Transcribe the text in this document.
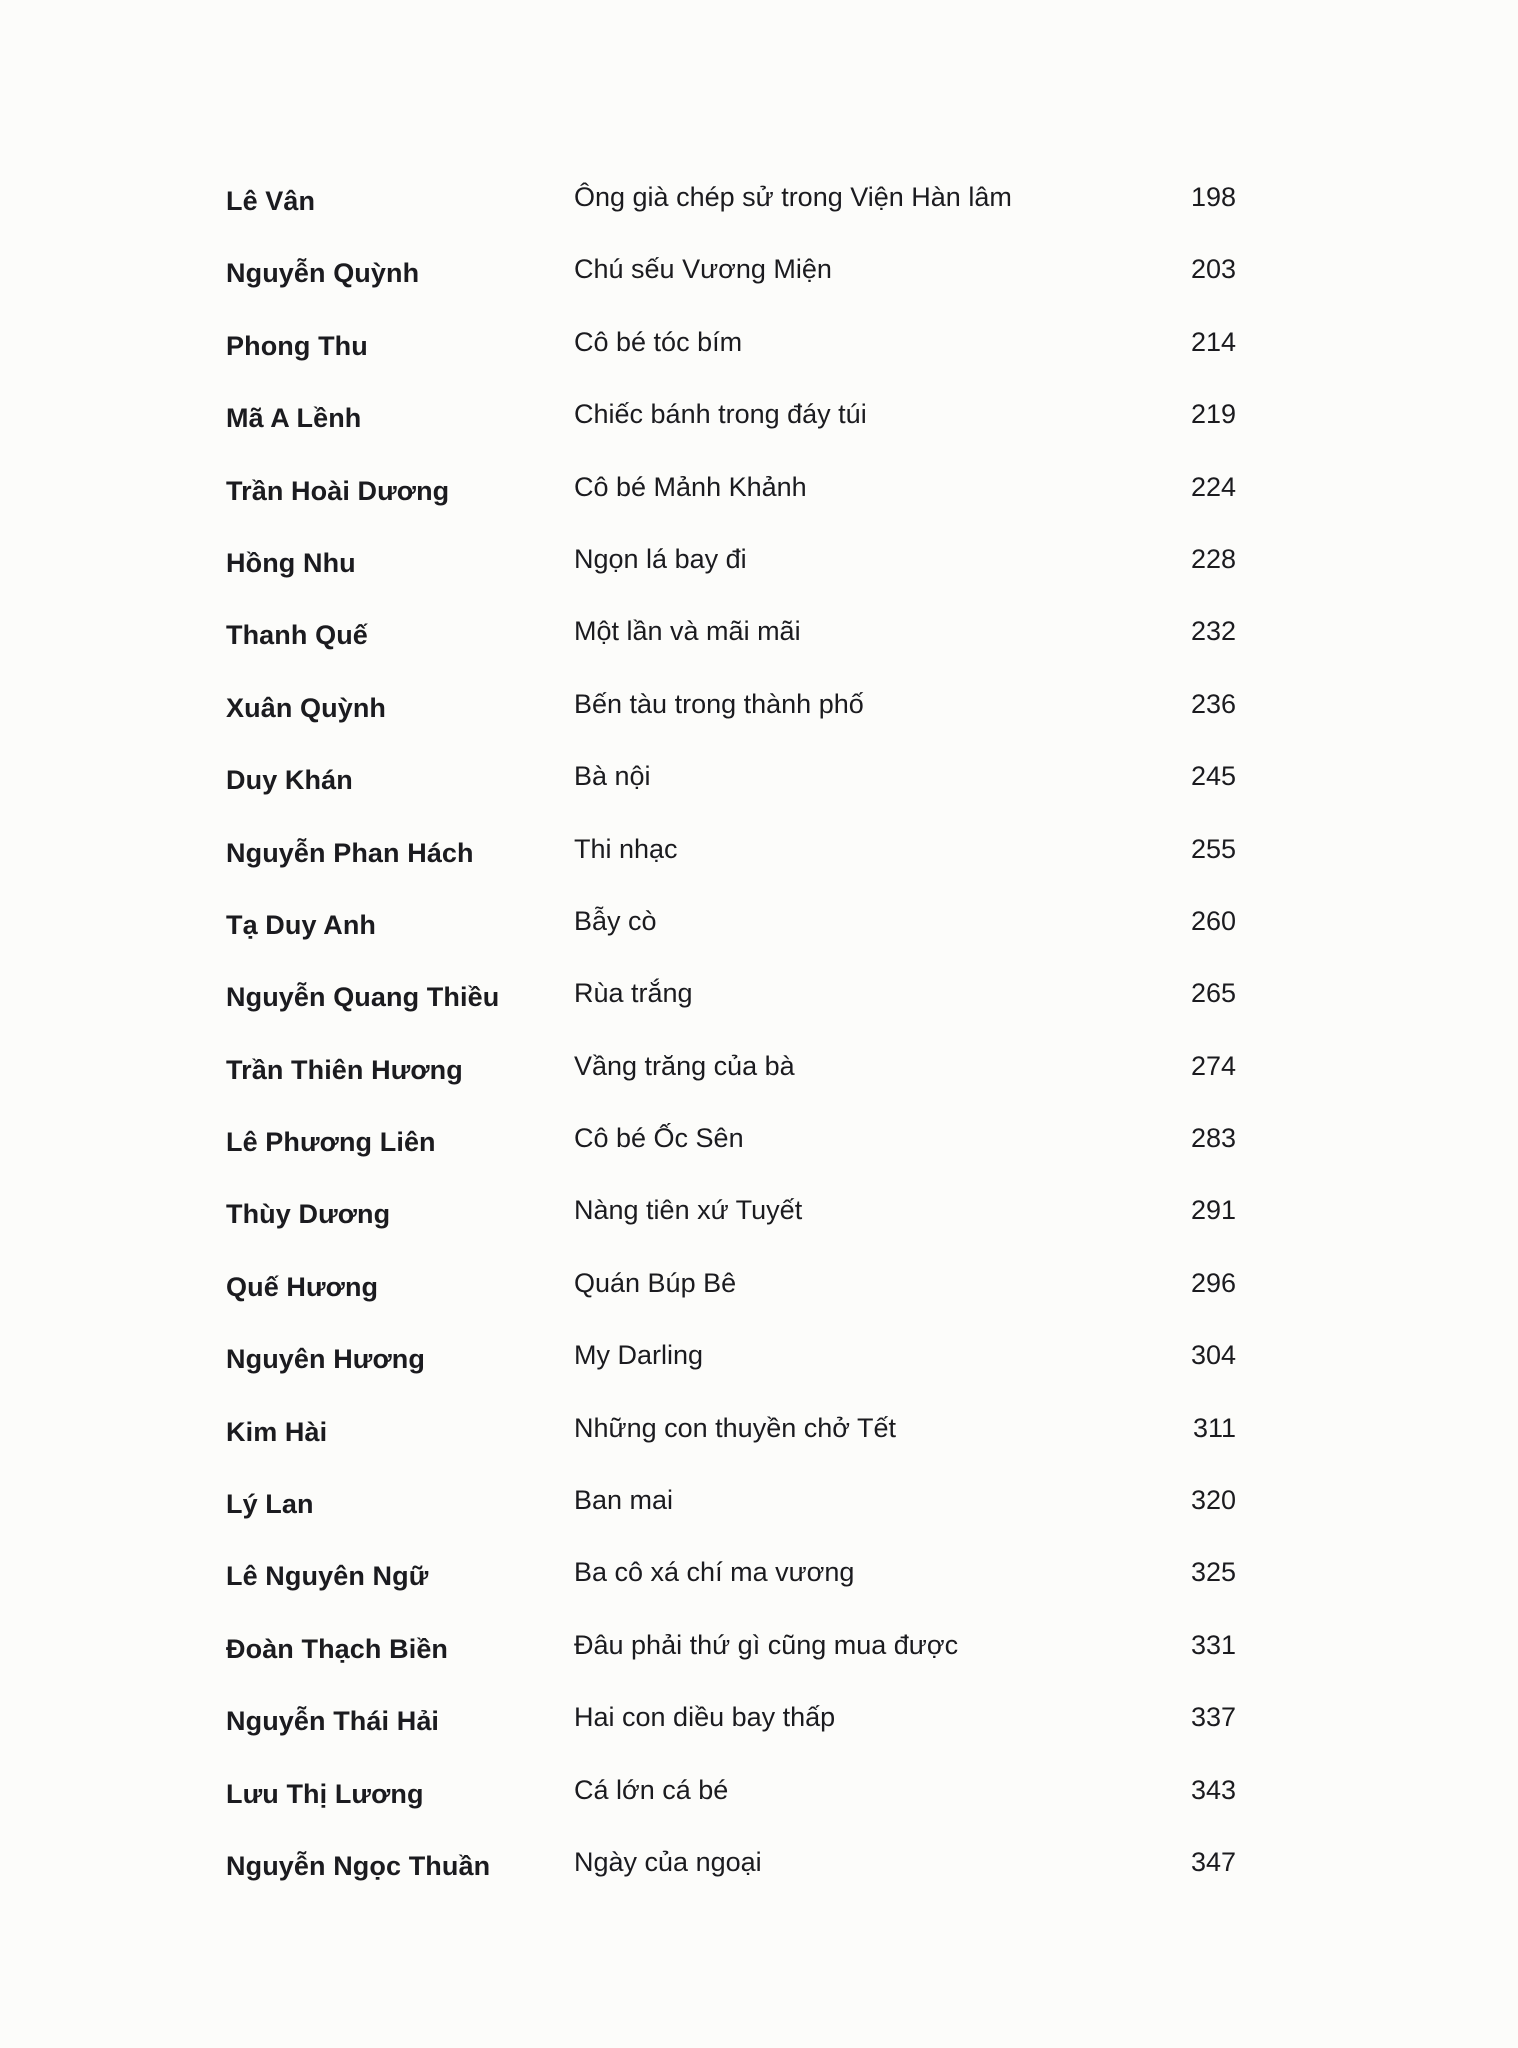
Lê Vân	Ông già chép sử trong Viện Hàn lâm	198
Nguyễn Quỳnh	Chú sếu Vương Miện	203
Phong Thu	Cô bé tóc bím	214
Mã A Lềnh	Chiếc bánh trong đáy túi	219
Trần Hoài Dương	Cô bé Mảnh Khảnh	224
Hồng Nhu	Ngọn lá bay đi	228
Thanh Quế	Một lần và mãi mãi	232
Xuân Quỳnh	Bến tàu trong thành phố	236
Duy Khán	Bà nội	245
Nguyễn Phan Hách	Thi nhạc	255
Tạ Duy Anh	Bẫy cò	260
Nguyễn Quang Thiều	Rùa trắng	265
Trần Thiên Hương	Vầng trăng của bà	274
Lê Phương Liên	Cô bé Ốc Sên	283
Thùy Dương	Nàng tiên xứ Tuyết	291
Quế Hương	Quán Búp Bê	296
Nguyên Hương	My Darling	304
Kim Hài	Những con thuyền chở Tết	311
Lý Lan	Ban mai	320
Lê Nguyên Ngữ	Ba cô xá chí ma vương	325
Đoàn Thạch Biền	Đâu phải thứ gì cũng mua được	331
Nguyễn Thái Hải	Hai con diều bay thấp	337
Lưu Thị Lương	Cá lớn cá bé	343
Nguyễn Ngọc Thuần	Ngày của ngoại	347
